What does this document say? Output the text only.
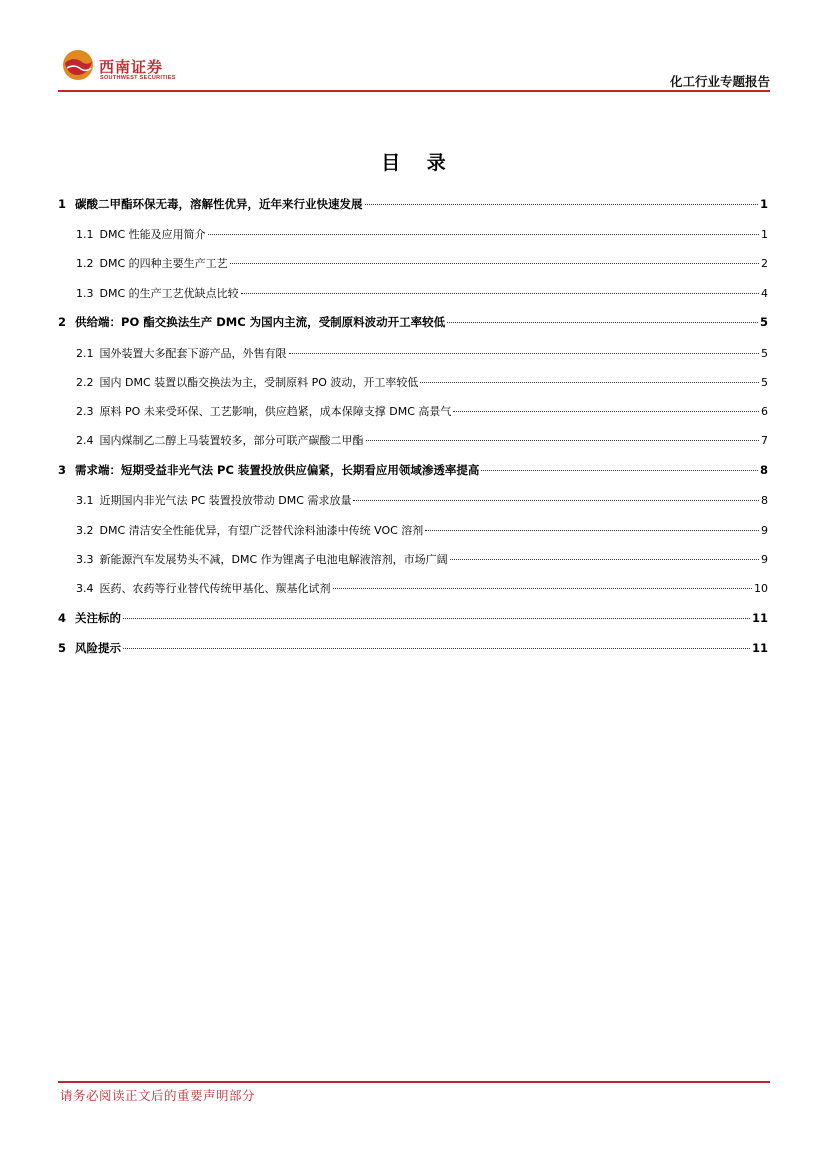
西南证券
SOUTHWEST SECURITIES	化工行业专题报告
目 录
1 碳酸二甲酯环保无毒，溶解性优异，近年来行业快速发展	1
1.1 DMC 性能及应用简介	1
1.2 DMC 的四种主要生产工艺	2
1.3 DMC 的生产工艺优缺点比较	4
2 供给端：PO 酯交换法生产 DMC 为国内主流，受制原料波动开工率较低	5
2.1 国外装置大多配套下游产品，外售有限	5
2.2 国内 DMC 装置以酯交换法为主，受制原料 PO 波动，开工率较低	5
2.3 原料 PO 未来受环保、工艺影响，供应趋紧，成本保障支撑 DMC 高景气	6
2.4 国内煤制乙二醇上马装置较多，部分可联产碳酸二甲酯	7
3 需求端：短期受益非光气法 PC 装置投放供应偏紧，长期看应用领域渗透率提高	8
3.1 近期国内非光气法 PC 装置投放带动 DMC 需求放量	8
3.2 DMC 清洁安全性能优异，有望广泛替代涂料油漆中传统 VOC 溶剂	9
3.3 新能源汽车发展势头不减，DMC 作为锂离子电池电解液溶剂，市场广阔	9
3.4 医药、农药等行业替代传统甲基化、羰基化试剂	10
4 关注标的	11
5 风险提示	11
请务必阅读正文后的重要声明部分
